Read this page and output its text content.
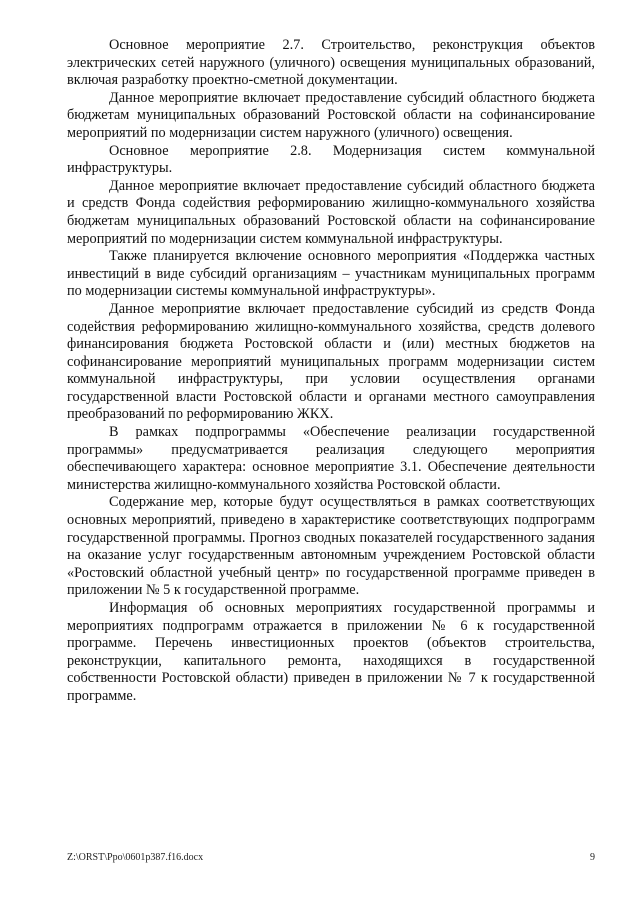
Основное мероприятие 2.7. Строительство, реконструкция объектов электрических сетей наружного (уличного) освещения муниципальных образований, включая разработку проектно-сметной документации.

Данное мероприятие включает предоставление субсидий областного бюджета бюджетам муниципальных образований Ростовской области на софинансирование мероприятий по модернизации систем наружного (уличного) освещения.

Основное мероприятие 2.8. Модернизация систем коммунальной инфраструктуры.

Данное мероприятие включает предоставление субсидий областного бюджета и средств Фонда содействия реформированию жилищно-коммунального хозяйства бюджетам муниципальных образований Ростовской области на софинансирование мероприятий по модернизации систем коммунальной инфраструктуры.

Также планируется включение основного мероприятия «Поддержка частных инвестиций в виде субсидий организациям – участникам муниципальных программ по модернизации системы коммунальной инфраструктуры».

Данное мероприятие включает предоставление субсидий из средств Фонда содействия реформированию жилищно-коммунального хозяйства, средств долевого финансирования бюджета Ростовской области и (или) местных бюджетов на софинансирование мероприятий муниципальных программ модернизации систем коммунальной инфраструктуры, при условии осуществления органами государственной власти Ростовской области и органами местного самоуправления преобразований по реформированию ЖКХ.

В рамках подпрограммы «Обеспечение реализации государственной программы» предусматривается реализация следующего мероприятия обеспечивающего характера: основное мероприятие 3.1. Обеспечение деятельности министерства жилищно-коммунального хозяйства Ростовской области.

Содержание мер, которые будут осуществляться в рамках соответствующих основных мероприятий, приведено в характеристике соответствующих подпрограмм государственной программы. Прогноз сводных показателей государственного задания на оказание услуг государственным автономным учреждением Ростовской области «Ростовский областной учебный центр» по государственной программе приведен в приложении № 5 к государственной программе.

Информация об основных мероприятиях государственной программы и мероприятиях подпрограмм отражается в приложении № 6 к государственной программе. Перечень инвестиционных проектов (объектов строительства, реконструкции, капитального ремонта, находящихся в государственной собственности Ростовской области) приведен в приложении № 7 к государственной программе.

Z:\ORST\Ppo\0601p387.f16.docx	9
